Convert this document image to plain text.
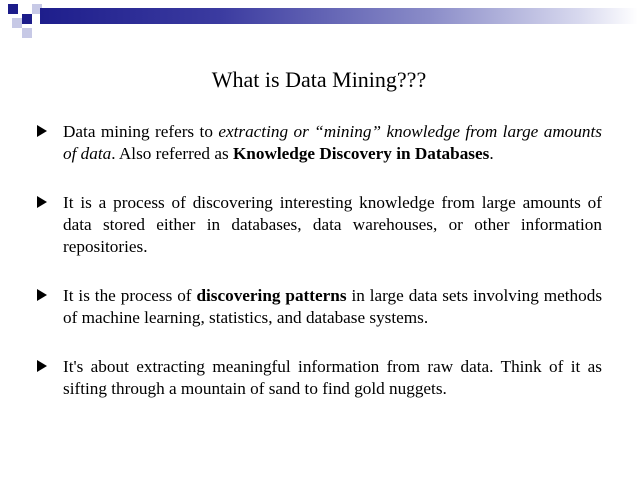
What is Data Mining???
Data mining refers to extracting or “mining” knowledge from large amounts of data. Also referred as Knowledge Discovery in Databases.
It is a process of discovering interesting knowledge from large amounts of data stored either in databases, data warehouses, or other information repositories.
It is the process of discovering patterns in large data sets involving methods of machine learning, statistics, and database systems.
It's about extracting meaningful information from raw data. Think of it as sifting through a mountain of sand to find gold nuggets.
